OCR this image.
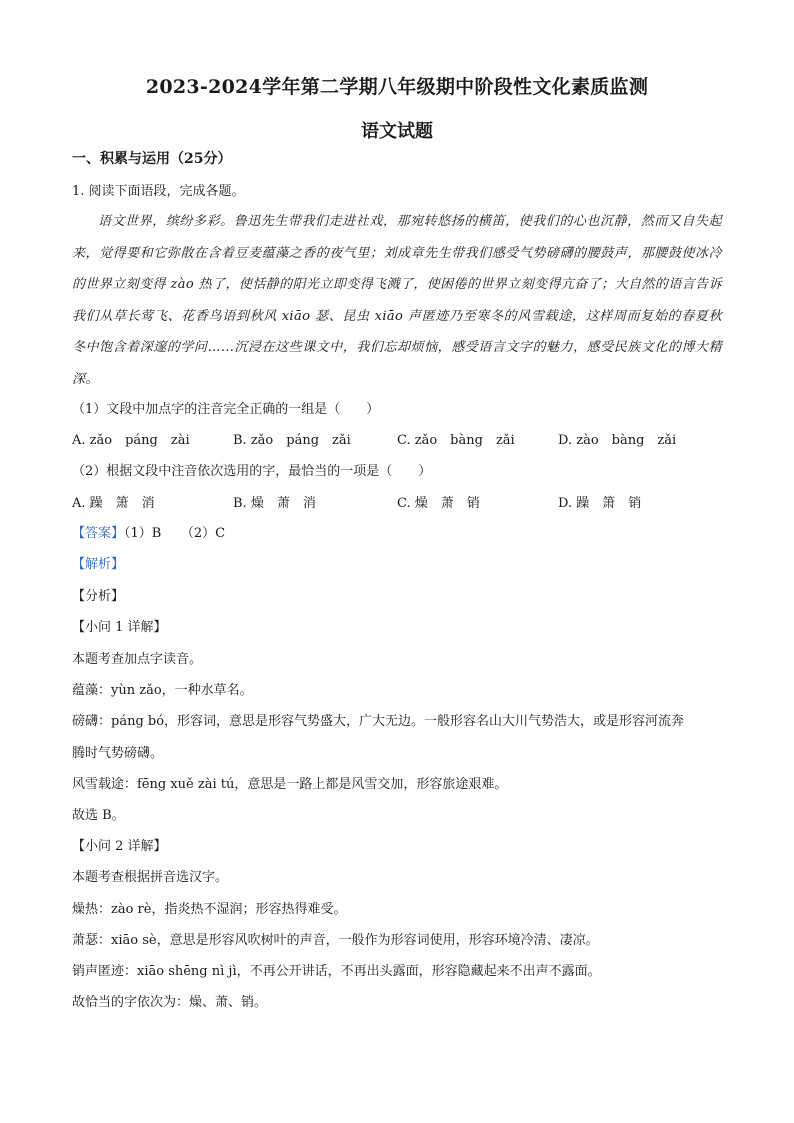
2023-2024学年第二学期八年级期中阶段性文化素质监测
语文试题
一、积累与运用（25分）
1. 阅读下面语段，完成各题。
语文世界，缤纷多彩。鲁迅先生带我们走进社戏，那宛转悠扬的横笛，使我们的心也沉静，然而又自失起来，觉得要和它弥散在含着豆麦蕴藻之香的夜气里；刘成章先生带我们感受气势磅礴的腰鼓声，那腰鼓使冰冷的世界立刻变得 zào 热了，使恬静的阳光立即变得飞溅了，使困倦的世界立刻变得亢奋了；大自然的语言告诉我们从草长莺飞、花香鸟语到秋风 xiāo 瑟、昆虫 xiāo 声匿迹乃至寒冬的风雪载途，这样周而复始的春夏秋冬中饱含着深邃的学问……沉浸在这些课文中，我们忘却烦恼，感受语言文字的魅力，感受民族文化的博大精深。
（1）文段中加点字的注音完全正确的一组是（　　）
A. zǎo　páng　zài	B. zǎo　páng　zǎi	C. zǎo　bàng　zǎi	D. zào　bàng　zǎi
（2）根据文段中注音依次选用的字，最恰当的一项是（　　）
A. 躁　箫　消	B. 燥　萧　消	C. 燥　萧　销	D. 躁　箫　销
【答案】（1）B　　（2）C
【解析】
【分析】
【小问 1 详解】
本题考查加点字读音。
蕴藻：yùn zǎo，一种水草名。
磅礴：páng bó，形容词，意思是形容气势盛大，广大无边。一般形容名山大川气势浩大，或是形容河流奔
腾时气势磅礴。
风雪载途：fēng xuě zài tú，意思是一路上都是风雪交加，形容旅途艰难。
故选 B。
【小问 2 详解】
本题考查根据拼音选汉字。
燥热：zào rè，指炎热不湿润；形容热得难受。
萧瑟：xiāo sè，意思是形容风吹树叶的声音，一般作为形容词使用，形容环境冷清、凄凉。
销声匿迹：xiāo shēng nì jì，不再公开讲话，不再出头露面，形容隐藏起来不出声不露面。
故恰当的字依次为：燥、萧、销。
